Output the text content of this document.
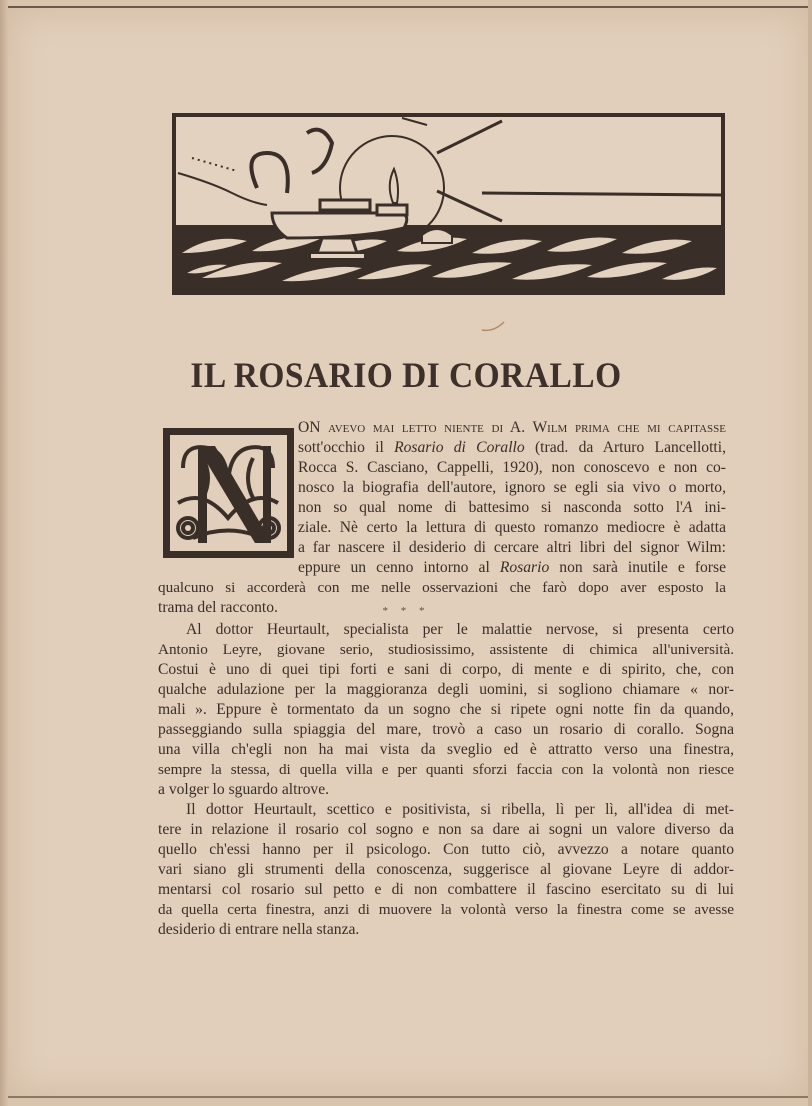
IL ROSARIO DI CORALLO
ON avevo mai letto niente di A. Wilm prima che mi capitasse
sott'occhio il Rosario di Corallo (trad. da Arturo Lancellotti,
Rocca S. Casciano, Cappelli, 1920), non conoscevo e non co-
nosco la biografia dell'autore, ignoro se egli sia vivo o morto,
non so qual nome di battesimo si nasconda sotto l'A ini-
ziale. Nè certo la lettura di questo romanzo mediocre è adatta
a far nascere il desiderio di cercare altri libri del signor Wilm:
eppure un cenno intorno al Rosario non sarà inutile e forse
qualcuno si accorderà con me nelle osservazioni che farò dopo aver esposto la
trama del racconto.	* * *
Al dottor Heurtault, specialista per le malattie nervose, si presenta certo
Antonio Leyre, giovane serio, studiosissimo, assistente di chimica all'università.
Costui è uno di quei tipi forti e sani di corpo, di mente e di spirito, che, con
qualche adulazione per la maggioranza degli uomini, si sogliono chiamare « nor-
mali ». Eppure è tormentato da un sogno che si ripete ogni notte fin da quando,
passeggiando sulla spiaggia del mare, trovò a caso un rosario di corallo. Sogna
una villa ch'egli non ha mai vista da sveglio ed è attratto verso una finestra,
sempre la stessa, di quella villa e per quanti sforzi faccia con la volontà non riesce
a volger lo sguardo altrove.
Il dottor Heurtault, scettico e positivista, si ribella, lì per lì, all'idea di met-
tere in relazione il rosario col sogno e non sa dare ai sogni un valore diverso da
quello ch'essi hanno per il psicologo. Con tutto ciò, avvezzo a notare quanto
vari siano gli strumenti della conoscenza, suggerisce al giovane Leyre di addor-
mentarsi col rosario sul petto e di non combattere il fascino esercitato su di lui
da quella certa finestra, anzi di muovere la volontà verso la finestra come se avesse
desiderio di entrare nella stanza.
